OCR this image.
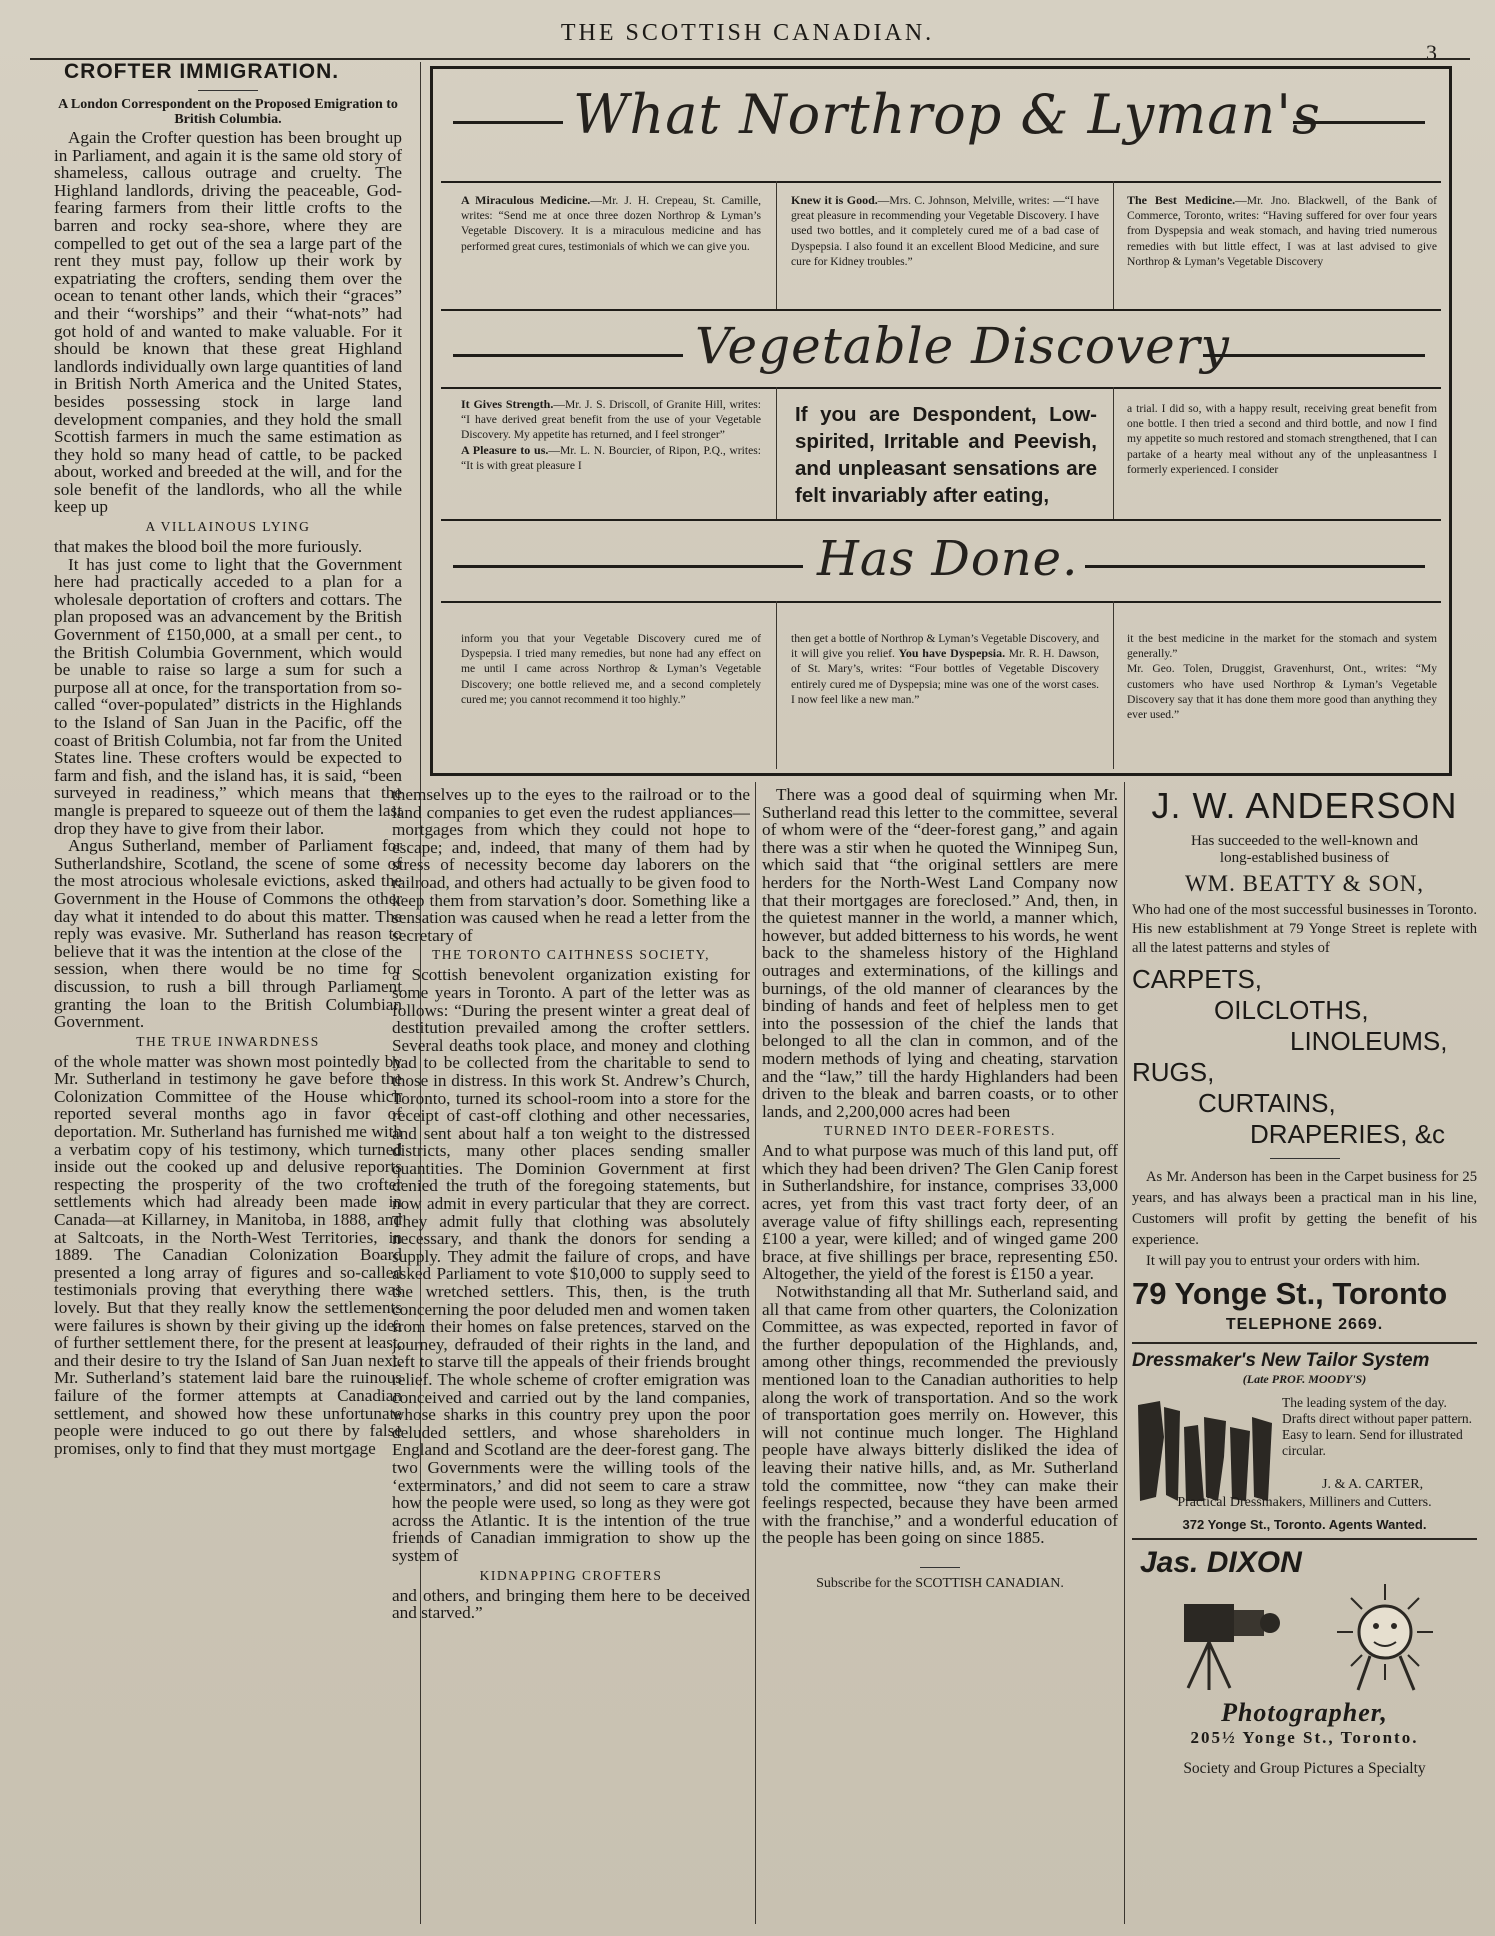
THE SCOTTISH CANADIAN.
3
CROFTER IMMIGRATION.
A London Correspondent on the Proposed Emigration to British Columbia.

Again the Crofter question has been brought up in Parliament, and again it is the same old story of shameless, callous outrage and cruelty. The Highland landlords, driving the peaceable, God-fearing farmers from their little crofts to the barren and rocky sea-shore, where they are compelled to get out of the sea a large part of the rent they must pay, follow up their work by expatriating the crofters, sending them over the ocean to tenant other lands, which their “graces” and their “worships” and their “what-nots” had got hold of and wanted to make valuable. For it should be known that these great Highland landlords individually own large quantities of land in British North America and the United States, besides possessing stock in large land development companies, and they hold the small Scottish farmers in much the same estimation as they hold so many head of cattle, to be packed about, worked and breeded at the will, and for the sole benefit of the landlords, who all the while keep up

A VILLAINOUS LYING

that makes the blood boil the more furiously.

It has just come to light that the Government here had practically acceded to a plan for a wholesale deportation of crofters and cottars. The plan proposed was an advancement by the British Government of £150,000, at a small per cent., to the British Columbia Government, which would be unable to raise so large a sum for such a purpose all at once, for the transportation from so-called “over-populated” districts in the Highlands to the Island of San Juan in the Pacific, off the coast of British Columbia, not far from the United States line. These crofters would be expected to farm and fish, and the island has, it is said, “been surveyed in readiness,” which means that the mangle is prepared to squeeze out of them the last drop they have to give from their labor.

Angus Sutherland, member of Parliament for Sutherlandshire, Scotland, the scene of some of the most atrocious wholesale evictions, asked the Government in the House of Commons the other day what it intended to do about this matter. The reply was evasive. Mr. Sutherland has reason to believe that it was the intention at the close of the session, when there would be no time for discussion, to rush a bill through Parliament granting the loan to the British Columbian Government.

THE TRUE INWARDNESS

of the whole matter was shown most pointedly by Mr. Sutherland in testimony he gave before the Colonization Committee of the House which reported several months ago in favor of deportation. Mr. Sutherland has furnished me with a verbatim copy of his testimony, which turned inside out the cooked up and delusive reports respecting the prosperity of the two crofter settlements which had already been made in Canada—at Killarney, in Manitoba, in 1888, and at Saltcoats, in the North-West Territories, in 1889. The Canadian Colonization Board presented a long array of figures and so-called testimonials proving that everything there was lovely. But that they really know the settlements were failures is shown by their giving up the idea of further settlement there, for the present at least, and their desire to try the Island of San Juan next. Mr. Sutherland’s statement laid bare the ruinous failure of the former attempts at Canadian settlement, and showed how these unfortunate people were induced to go out there by false promises, only to find that they must mortgage

What Northrop & Lyman's
A Miraculous Medicine.—Mr. J. H. Crepeau, St. Camille, writes: “Send me at once three dozen Northrop & Lyman’s Vegetable Discovery. It is a miraculous medicine and has performed great cures, testimonials of which we can give you.
Knew it is Good.—Mrs. C. Johnson, Melville, writes: —“I have great pleasure in recommending your Vegetable Discovery. I have used two bottles, and it completely cured me of a bad case of Dyspepsia. I also found it an excellent Blood Medicine, and sure cure for Kidney troubles.”
The Best Medicine.—Mr. Jno. Blackwell, of the Bank of Commerce, Toronto, writes: “Having suffered for over four years from Dyspepsia and weak stomach, and having tried numerous remedies with but little effect, I was at last advised to give Northrop & Lyman’s Vegetable Discovery
Vegetable Discovery
It Gives Strength.—Mr. J. S. Driscoll, of Granite Hill, writes: “I have derived great benefit from the use of your Vegetable Discovery. My appetite has returned, and I feel stronger”
A Pleasure to us.—Mr. L. N. Bourcier, of Ripon, P.Q., writes: “It is with great pleasure I
If you are Despondent, Low-spirited, Irritable and Peevish, and unpleasant sensations are felt invariably after eating,
a trial. I did so, with a happy result, receiving great benefit from one bottle. I then tried a second and third bottle, and now I find my appetite so much restored and stomach strengthened, that I can partake of a hearty meal without any of the unpleasantness I formerly experienced. I consider
Has Done.
inform you that your Vegetable Discovery cured me of Dyspepsia. I tried many remedies, but none had any effect on me until I came across Northrop & Lyman’s Vegetable Discovery; one bottle relieved me, and a second completely cured me; you cannot recommend it too highly.”
then get a bottle of Northrop & Lyman’s Vegetable Discovery, and it will give you relief. You have Dyspepsia. Mr. R. H. Dawson, of St. Mary’s, writes: “Four bottles of Vegetable Discovery entirely cured me of Dyspepsia; mine was one of the worst cases. I now feel like a new man.”
it the best medicine in the market for the stomach and system generally.”
Mr. Geo. Tolen, Druggist, Gravenhurst, Ont., writes: “My customers who have used Northrop & Lyman’s Vegetable Discovery say that it has done them more good than anything they ever used.”

themselves up to the eyes to the railroad or to the land companies to get even the rudest appliances—mortgages from which they could not hope to escape; and, indeed, that many of them had by stress of necessity become day laborers on the railroad, and others had actually to be given food to keep them from starvation’s door. Something like a sensation was caused when he read a letter from the secretary of

THE TORONTO CAITHNESS SOCIETY,

a Scottish benevolent organization existing for some years in Toronto. A part of the letter was as follows: “During the present winter a great deal of destitution prevailed among the crofter settlers. Several deaths took place, and money and clothing had to be collected from the charitable to send to those in distress. In this work St. Andrew’s Church, Toronto, turned its school-room into a store for the receipt of cast-off clothing and other necessaries, and sent about half a ton weight to the distressed districts, many other places sending smaller quantities. The Dominion Government at first denied the truth of the foregoing statements, but now admit in every particular that they are correct. They admit fully that clothing was absolutely necessary, and thank the donors for sending a supply. They admit the failure of crops, and have asked Parliament to vote $10,000 to supply seed to the wretched settlers. This, then, is the truth concerning the poor deluded men and women taken from their homes on false pretences, starved on the journey, defrauded of their rights in the land, and left to starve till the appeals of their friends brought relief. The whole scheme of crofter emigration was conceived and carried out by the land companies, whose sharks in this country prey upon the poor deluded settlers, and whose shareholders in England and Scotland are the deer-forest gang. The two Governments were the willing tools of the ‘exterminators,’ and did not seem to care a straw how the people were used, so long as they were got across the Atlantic. It is the intention of the true friends of Canadian immigration to show up the system of

KIDNAPPING CROFTERS

and others, and bringing them here to be deceived and starved.”

There was a good deal of squirming when Mr. Sutherland read this letter to the committee, several of whom were of the “deer-forest gang,” and again there was a stir when he quoted the Winnipeg Sun, which said that “the original settlers are mere herders for the North-West Land Company now that their mortgages are foreclosed.” And, then, in the quietest manner in the world, a manner which, however, but added bitterness to his words, he went back to the shameless history of the Highland outrages and exterminations, of the killings and burnings, of the old manner of clearances by the binding of hands and feet of helpless men to get into the possession of the chief the lands that belonged to all the clan in common, and of the modern methods of lying and cheating, starvation and the “law,” till the hardy Highlanders had been driven to the bleak and barren coasts, or to other lands, and 2,200,000 acres had been

TURNED INTO DEER-FORESTS.

And to what purpose was much of this land put, off which they had been driven? The Glen Canip forest in Sutherlandshire, for instance, comprises 33,000 acres, yet from this vast tract forty deer, of an average value of fifty shillings each, representing £100 a year, were killed; and of winged game 200 brace, at five shillings per brace, representing £50. Altogether, the yield of the forest is £150 a year.

Notwithstanding all that Mr. Sutherland said, and all that came from other quarters, the Colonization Committee, as was expected, reported in favor of the further depopulation of the Highlands, and, among other things, recommended the previously mentioned loan to the Canadian authorities to help along the work of transportation. And so the work of transportation goes merrily on. However, this will not continue much longer. The Highland people have always bitterly disliked the idea of leaving their native hills, and, as Mr. Sutherland told the committee, now “they can make their feelings respected, because they have been armed with the franchise,” and a wonderful education of the people has been going on since 1885.

Subscribe for the SCOTTISH CANADIAN.
J. W. ANDERSON
Has succeeded to the well-known and
long-established business of
WM. BEATTY & SON,
Who had one of the most successful businesses in Toronto. His new establishment at 79 Yonge Street is replete with all the latest patterns and styles of
CARPETS,
OILCLOTHS,
LINOLEUMS,
RUGS,
CURTAINS,
DRAPERIES, &c
As Mr. Anderson has been in the Carpet business for 25 years, and has always been a practical man in his line, Customers will profit by getting the benefit of his experience.
It will pay you to entrust your orders with him.
79 Yonge St., Toronto
TELEPHONE 2669.
Dressmaker's New Tailor System
(Late PROF. MOODY'S)
The leading system of the day. Drafts direct without paper pattern. Easy to learn. Send for illustrated circular.
J. & A. CARTER,
Practical Dressmakers, Milliners and Cutters.
372 Yonge St., Toronto. Agents Wanted.
Jas. DIXON
Photographer,
205½ Yonge St., Toronto.
Society and Group Pictures a Specialty
